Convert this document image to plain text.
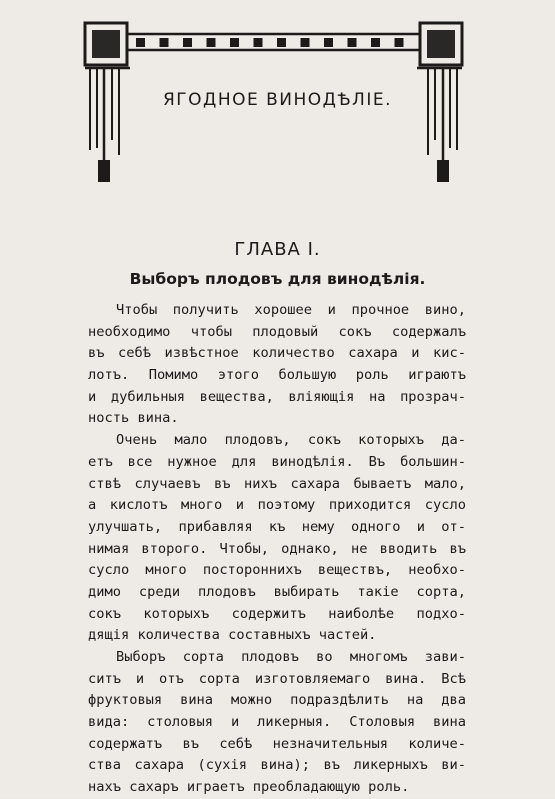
ЯГОДНОЕ ВИНОДѢЛІЕ.
ГЛАВА I.
Выборъ плодовъ для винодѣлія.
Чтобы получить хорошее и прочное вино,
необходимо чтобы плодовый сокъ содержалъ
въ себѣ извѣстное количество сахара и кис-
лотъ. Помимо этого большую роль играютъ
и дубильныя вещества, вліяющія на прозрач-
ность вина.
Очень мало плодовъ, сокъ которыхъ да-
етъ все нужное для винодѣлія. Въ большин-
ствѣ случаевъ въ нихъ сахара бываетъ мало,
а кислотъ много и поэтому приходится сусло
улучшать, прибавляя къ нему одного и от-
нимая второго. Чтобы, однако, не вводить въ
сусло много постороннихъ веществъ, необхо-
димо среди плодовъ выбирать такіе сорта,
сокъ которыхъ содержитъ наиболѣе подхо-
дящія количества составныхъ частей.
Выборъ сорта плодовъ во многомъ зави-
ситъ и отъ сорта изготовляемаго вина. Всѣ
фруктовыя вина можно подраздѣлить на два
вида: столовыя и ликерныя. Столовыя вина
содержатъ въ себѣ незначительныя количе-
ства сахара (сухія вина); въ ликерныхъ ви-
нахъ сахаръ играетъ преобладающую роль.
